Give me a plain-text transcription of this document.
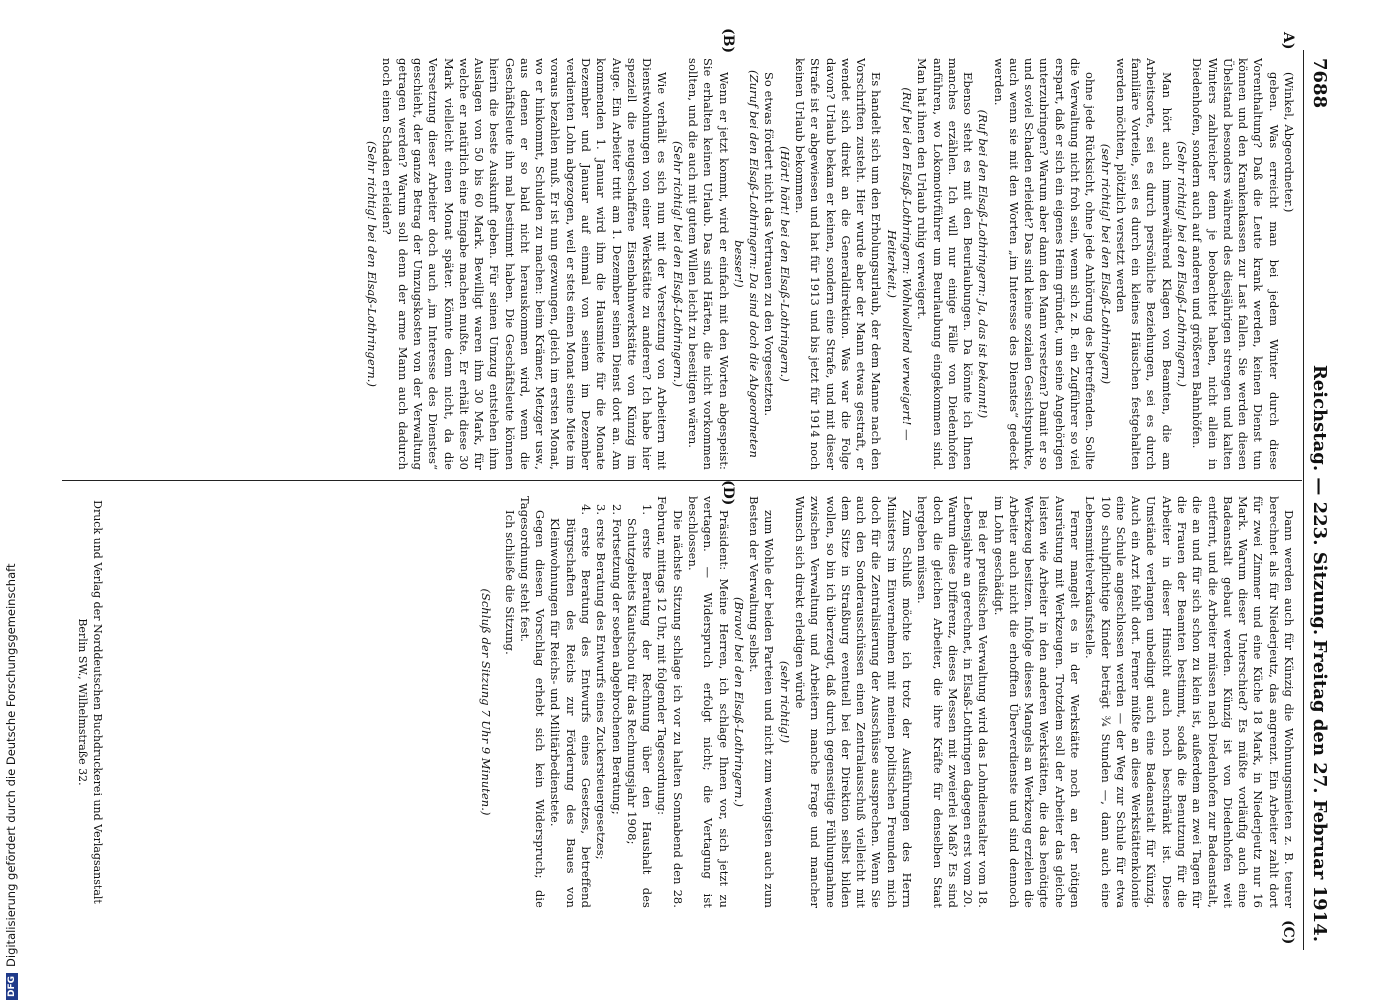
7688
Reichstag. — 223. Sitzung.
Freitag den 27. Februar 1914.
A)
(B)
(C)
(D)

(Winkel, Abgeordneter.)

geben. Was erreicht man bei jedem Winter durch diese Vorenthaltung? Daß die Leute krank werden, keinen Dienst tun können und den Krankenkassen zur Last fallen. Sie werden diesen Übelstand besonders während des diesjährigen strengen und kalten Winters zahlreicher denn je beobachtet haben, nicht allein in Diedenhofen, sondern auch auf anderen und größeren Bahnhöfen.

(Sehr richtig! bei den Elsaß-Lothringern.)

Man hört auch immerwährend Klagen von Beamten, die am Arbeitsorte, sei es durch persönliche Beziehungen, sei es durch familiäre Vorteile, sei es durch ein kleines Häuschen festgehalten werden möchten, plötzlich versetzt werden

(sehr richtig! bei den Elsaß-Lothringern)

ohne jede Rücksicht, ohne jede Anhörung des betreffenden. Sollte die Verwaltung nicht froh sein, wenn sich z. B. ein Zugführer so viel erspart, daß er sich ein eigenes Heim gründet, um seine Angehörigen unterzubringen? Warum aber dann den Mann versetzen? Damit er so und soviel Schaden erleidet? Das sind keine sozialen Gesichtspunkte, auch wenn sie mit den Worten „im Interesse des Dienstes“ gedeckt werden.

(Ruf bei den Elsaß-Lothringern: Ja, das ist bekannt!)

Ebenso steht es mit den Beurlaubungen. Da könnte ich Ihnen manches erzählen. Ich will nur einige Fälle von Diedenhofen anführen, wo Lokomotivführer um Beurlaubung eingekommen sind. Man hat ihnen den Urlaub ruhig verweigert.

(Ruf bei den Elsaß-Lothringern: Wohlwollend verweigert! — Heiterkeit.)

Es handelt sich um den Erholungsurlaub, der dem Manne nach den Vorschriften zusteht. Hier wurde aber der Mann etwas gestraft, er wendet sich direkt an die Generaldirektion. Was war die Folge davon? Urlaub bekam er keinen, sondern eine Strafe, und mit dieser Strafe ist er abgewiesen und hat für 1913 und bis jetzt für 1914 noch keinen Urlaub bekommen.

(Hört! hört! bei den Elsaß-Lothringern.)

So etwas fördert nicht das Vertrauen zu den Vorgesetzten.

(Zuruf bei den Elsaß-Lothringern: Da sind doch die Abgeordneten besser!)

Wenn er jetzt kommt, wird er einfach mit den Worten abgespeist: Sie erhalten keinen Urlaub. Das sind Härten, die nicht vorkommen sollten, und die auch mit gutem Willen leicht zu beseitigen wären.

(Sehr richtig! bei den Elsaß-Lothringern.)

Wie verhält es sich nun mit der Versetzung von Arbeitern mit Dienstwohnungen von einer Werkstätte zu anderen? Ich habe hier speziell die neugeschaffene Eisenbahnwerkstätte von Künzig im Auge. Ein Arbeiter tritt am 1. Dezember seinen Dienst dort an. Am kommenden 1. Januar wird ihm die Hausmiete für die Monate Dezember und Januar auf einmal von seinem im Dezember verdienten Lohn abgezogen, weil er stets einen Monat seine Miete im voraus bezahlen muß. Er ist nun gezwungen, gleich im ersten Monat, wo er hinkommt, Schulden zu machen: beim Krämer, Metzger usw., aus denen er so bald nicht herauskommen wird, wenn die Geschäftsleute ihn mal bestimmt haben. Die Geschäftsleute können hierin die beste Auskunft geben. Für seinen Umzug entstehen ihm Auslagen von 50 bis 60 Mark. Bewilligt waren ihm 30 Mark, für welche er natürlich eine Eingabe machen mußte. Er erhält diese 30 Mark vielleicht einen Monat später. Könnte denn nicht, da die Versetzung dieser Arbeiter doch auch „im Interesse des Dienstes“ geschieht, der ganze Betrag der Umzugskosten von der Verwaltung getragen werden? Warum soll denn der arme Mann auch dadurch noch einen Schaden erleiden?

(Sehr richtig! bei den Elsaß-Lothringern.)

Dann werden auch für Künzig die Wohnungsmieten z. B. teurer berechnet als für Niederjeutz, das angrenzt. Ein Arbeiter zahlt dort für zwei Zimmer und eine Küche 18 Mark, in Niederjeutz nur 16 Mark. Warum dieser Unterschied? Es müßte vorläufig auch eine Badeanstalt gebaut werden. Künzig ist von Diedenhofen weit entfernt, und die Arbeiter müssen nach Diedenhofen zur Badeanstalt, die an und für sich schon zu klein ist, außerdem an zwei Tagen für die Frauen der Beamten bestimmt, sodaß die Benutzung für die Arbeiter in dieser Hinsicht auch noch beschränkt ist. Diese Umstände verlangen unbedingt auch eine Badeanstalt für Künzig. Auch ein Arzt fehlt dort. Ferner müßte an diese Werkstättenkolonie eine Schule angeschlossen werden — der Weg zur Schule für etwa 100 schulpflichtige Kinder beträgt ¾ Stunden —, dann auch eine Lebensmittelverkaufsstelle.

Ferner mangelt es in der Werkstätte noch an der nötigen Ausrüstung mit Werkzeugen. Trotzdem soll der Arbeiter das gleiche leisten wie Arbeiter in den anderen Werkstätten, die das benötigte Werkzeug besitzen. Infolge dieses Mangels an Werkzeug erzielen die Arbeiter auch nicht die erhofften Überverdienste und sind dennoch im Lohn geschädigt.

Bei der preußischen Verwaltung wird das Lohndienstalter vom 18. Lebensjahre an gerechnet, in Elsaß-Lothringen dagegen erst vom 20. Warum diese Differenz, dieses Messen mit zweierlei Maß? Es sind doch die gleichen Arbeiter, die ihre Kräfte für denselben Staat hergeben müssen.

Zum Schluß möchte ich trotz der Ausführungen des Herrn Ministers im Einvernehmen mit meinen politischen Freunden mich doch für die Zentralisierung der Ausschüsse aussprechen. Wenn Sie auch den Sonderausschüssen einen Zentralausschuß vielleicht mit dem Sitze in Straßburg eventuell bei der Direktion selbst bilden wollen, so bin ich überzeugt, daß durch gegenseitige Fühlungnahme zwischen Verwaltung und Arbeitern manche Frage und mancher Wunsch sich direkt erledigen würde

(sehr richtig!)

zum Wohle der beiden Parteien und nicht zum wenigsten auch zum Besten der Verwaltung selbst.

(Bravo! bei den Elsaß-Lothringern.)

Präsident: Meine Herren, ich schlage Ihnen vor, sich jetzt zu vertagen. — Widerspruch erfolgt nicht; die Vertagung ist beschlossen.

Die nächste Sitzung schlage ich vor zu halten Sonnabend den 28. Februar, mittags 12 Uhr, mit folgender Tagesordnung:

1. erste Beratung der Rechnung über den Haushalt des Schutzgebiets Kiautschou für das Rechnungsjahr 1908;

2. Fortsetzung der soeben abgebrochenen Beratung;

3. erste Beratung des Entwurfs eines Zuckersteuergesetzes;

4. erste Beratung des Entwurfs eines Gesetzes, betreffend Bürgschaften des Reichs zur Förderung des Baues von Kleinwohnungen für Reichs- und Militärbedienstete.

Gegen diesen Vorschlag erhebt sich kein Widerspruch; die Tagesordnung steht fest.

Ich schließe die Sitzung.

(Schluß der Sitzung 7 Uhr 9 Minuten.)

Druck und Verlag der Norddeutschen Buchdruckerei und Verlagsanstalt
Berlin SW., Wilhelmstraße 32.
DFGDigitalisierung gefördert durch die Deutsche Forschungsgemeinschaft
